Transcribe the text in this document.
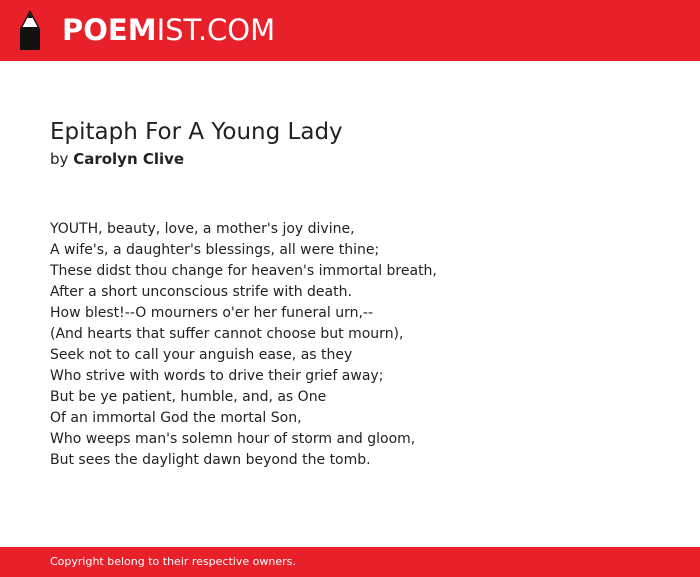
POEMIST.COM
Epitaph For A Young Lady
by Carolyn Clive
YOUTH, beauty, love, a mother's joy divine,
A wife's, a daughter's blessings, all were thine;
These didst thou change for heaven's immortal breath,
After a short unconscious strife with death.
How blest!--O mourners o'er her funeral urn,--
(And hearts that suffer cannot choose but mourn),
Seek not to call your anguish ease, as they
Who strive with words to drive their grief away;
But be ye patient, humble, and, as One
Of an immortal God the mortal Son,
Who weeps man's solemn hour of storm and gloom,
But sees the daylight dawn beyond the tomb.
Copyright belong to their respective owners.
